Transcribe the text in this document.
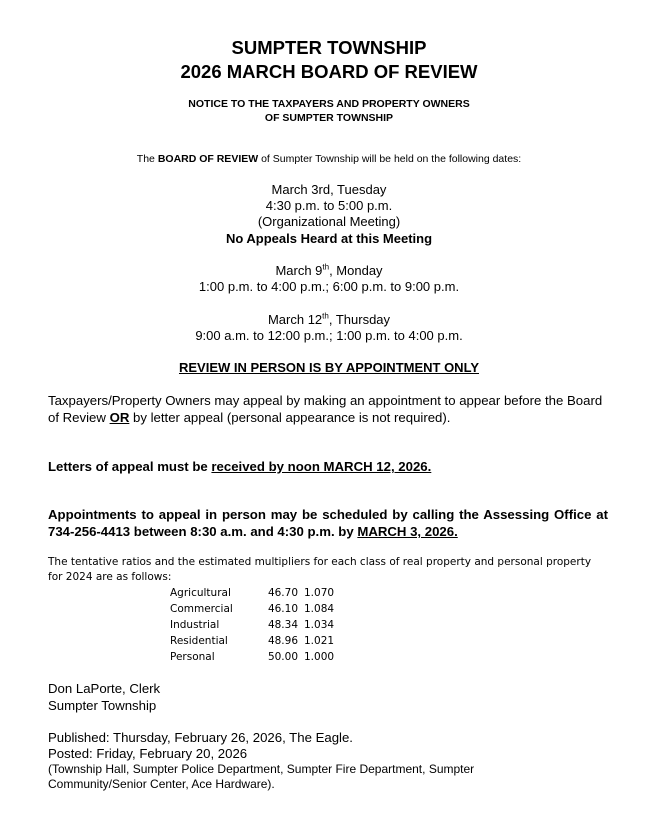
SUMPTER TOWNSHIP
2026 MARCH BOARD OF REVIEW
NOTICE TO THE TAXPAYERS AND PROPERTY OWNERS
OF SUMPTER TOWNSHIP
The BOARD OF REVIEW of Sumpter Township will be held on the following dates:
March 3rd, Tuesday
4:30 p.m. to 5:00 p.m.
(Organizational Meeting)
No Appeals Heard at this Meeting
March 9th, Monday
1:00 p.m. to 4:00 p.m.; 6:00 p.m. to 9:00 p.m.
March 12th, Thursday
9:00 a.m. to 12:00 p.m.; 1:00 p.m. to 4:00 p.m.
REVIEW IN PERSON IS BY APPOINTMENT ONLY
Taxpayers/Property Owners may appeal by making an appointment to appear before the Board of Review OR by letter appeal (personal appearance is not required).
Letters of appeal must be received by noon MARCH 12, 2026.
Appointments to appeal in person may be scheduled by calling the Assessing Office at 734-256-4413 between 8:30 a.m. and 4:30 p.m. by MARCH 3, 2026.
The tentative ratios and the estimated multipliers for each class of real property and personal property for 2024 are as follows:
Agricultural	46.70	1.070
Commercial	46.10	1.084
Industrial	48.34	1.034
Residential	48.96	1.021
Personal	50.00	1.000
Don LaPorte, Clerk
Sumpter Township
Published: Thursday, February 26, 2026, The Eagle.
Posted: Friday, February 20, 2026
(Township Hall, Sumpter Police Department, Sumpter Fire Department, Sumpter Community/Senior Center, Ace Hardware).
